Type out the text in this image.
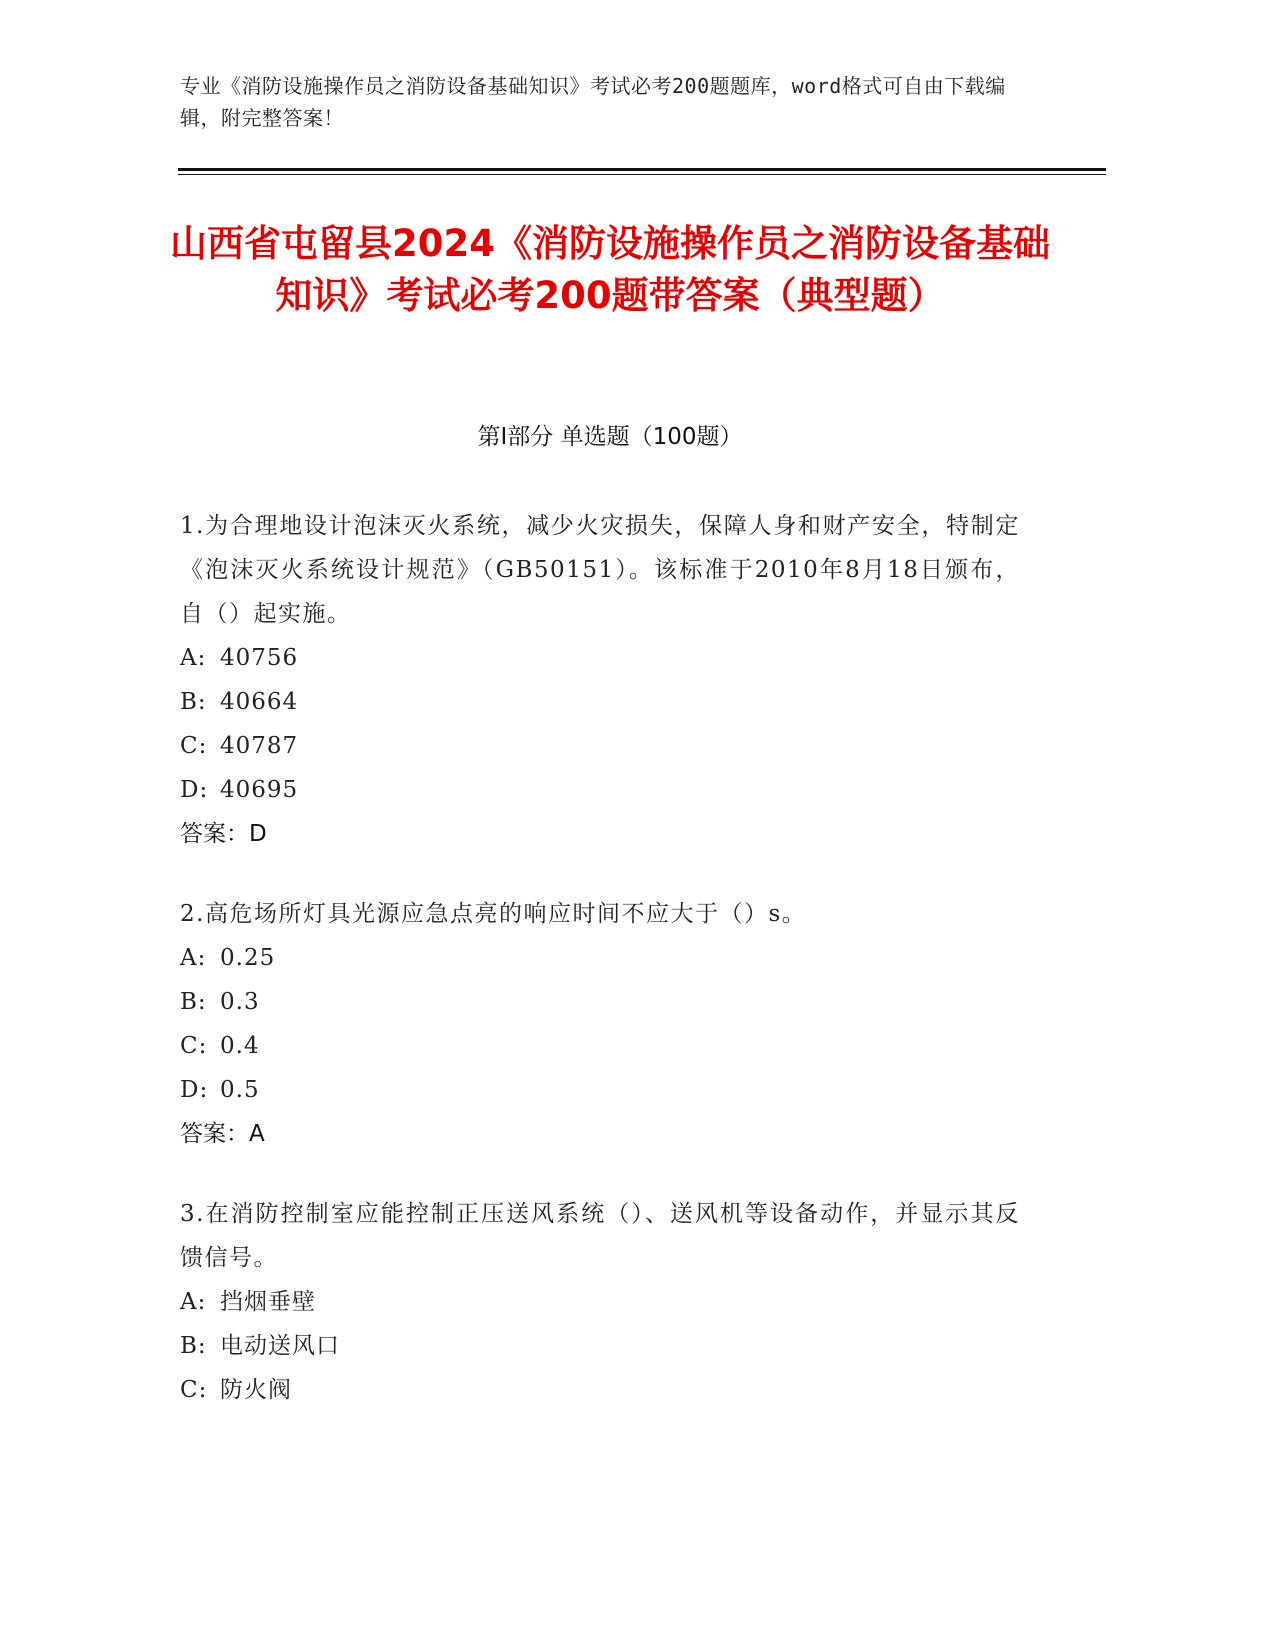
专业《消防设施操作员之消防设备基础知识》考试必考200题题库，word格式可自由下载编辑，附完整答案！
山西省屯留县2024《消防设施操作员之消防设备基础知识》考试必考200题带答案（典型题）
第I部分 单选题（100题）
1.为合理地设计泡沫灭火系统，减少火灾损失，保障人身和财产安全，特制定《泡沫灭火系统设计规范》（GB50151）。该标准于2010年8月18日颁布，自（）起实施。
A: 40756
B: 40664
C: 40787
D: 40695
答案：D
2.高危场所灯具光源应急点亮的响应时间不应大于（）s。
A: 0.25
B: 0.3
C: 0.4
D: 0.5
答案：A
3.在消防控制室应能控制正压送风系统（）、送风机等设备动作，并显示其反馈信号。
A: 挡烟垂壁
B: 电动送风口
C: 防火阀
